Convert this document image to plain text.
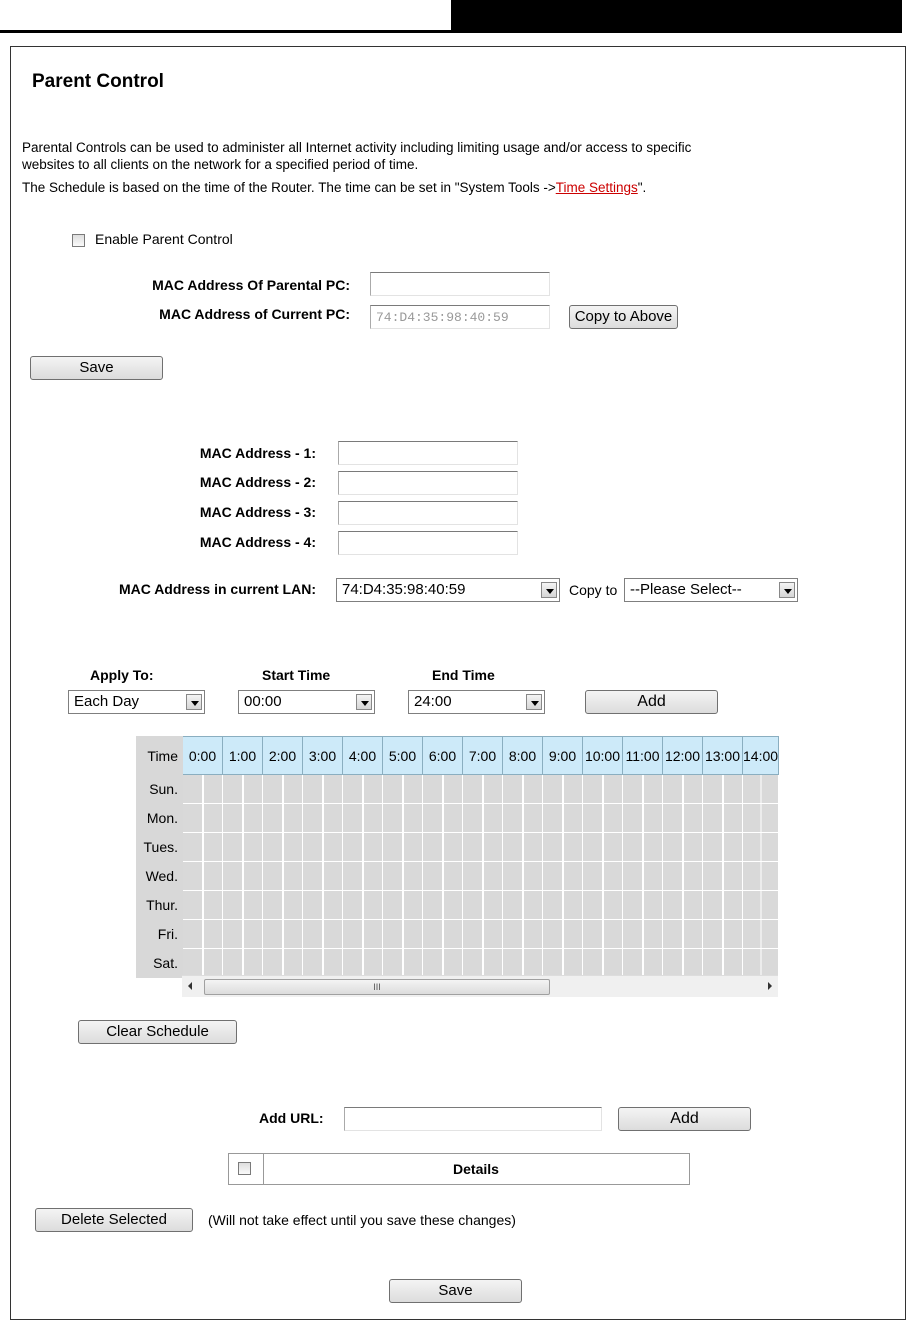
Parent Control
Parental Controls can be used to administer all Internet activity including limiting usage and/or access to specific
websites to all clients on the network for a specified period of time.
The Schedule is based on the time of the Router. The time can be set in "System Tools ->Time Settings".
Enable Parent Control
MAC Address Of Parental PC:
MAC Address of Current PC:	74:D4:35:98:40:59	Copy to Above
Save
MAC Address - 1:
MAC Address - 2:
MAC Address - 3:
MAC Address - 4:
MAC Address in current LAN:	74:D4:35:98:40:59	Copy to --Please Select--
Apply To:	Start Time	End Time
Each Day	00:00	24:00	Add
Time	0:00	1:00	2:00	3:00	4:00	5:00	6:00	7:00	8:00	9:00	10:00	11:00	12:00	13:00	14:00
Sun.															
Mon.															
Tues.															
Wed.															
Thur.															
Fri.															
Sat.															
III
Clear Schedule
Add URL:	Add
Details
Delete Selected	(Will not take effect until you save these changes)
Save
